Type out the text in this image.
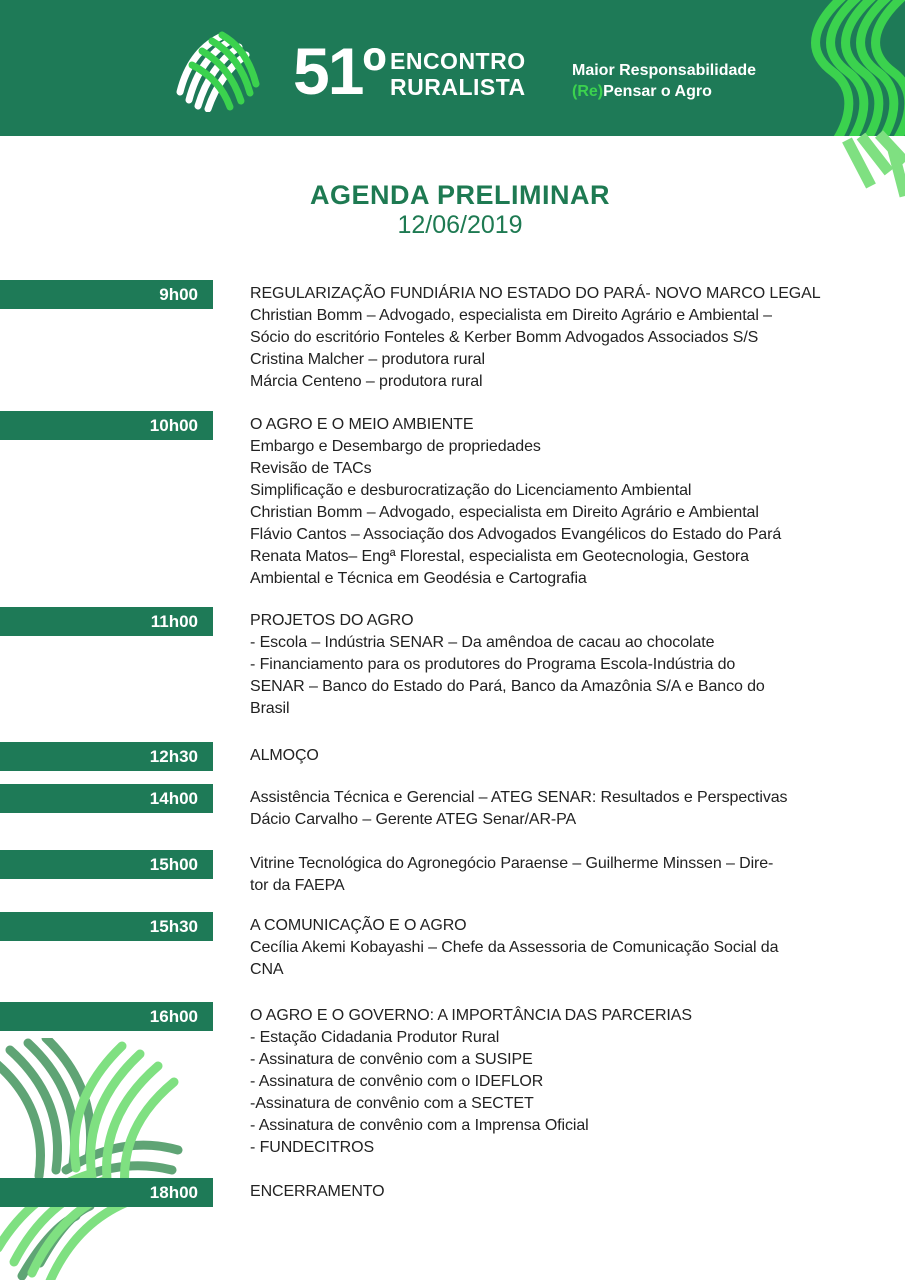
51º ENCONTRO
RURALISTA
Maior Responsabilidade
(Re)Pensar o Agro
AGENDA PRELIMINAR
12/06/2019
9h00	REGULARIZAÇÃO FUNDIÁRIA NO ESTADO DO PARÁ- NOVO MARCO LEGAL
Christian Bomm – Advogado, especialista em Direito Agrário e Ambiental –
Sócio do escritório Fonteles & Kerber Bomm Advogados Associados S/S
Cristina Malcher – produtora rural
Márcia Centeno – produtora rural
10h00	O AGRO E O MEIO AMBIENTE
Embargo e Desembargo de propriedades
Revisão de TACs
Simplificação e desburocratização do Licenciamento Ambiental
Christian Bomm – Advogado, especialista em Direito Agrário e Ambiental
Flávio Cantos – Associação dos Advogados Evangélicos do Estado do Pará
Renata Matos– Engª Florestal, especialista em Geotecnologia, Gestora
Ambiental e Técnica em Geodésia e Cartografia
11h00	PROJETOS DO AGRO
- Escola – Indústria SENAR – Da amêndoa de cacau ao chocolate
- Financiamento para os produtores do Programa Escola-Indústria do
SENAR – Banco do Estado do Pará, Banco da Amazônia S/A e Banco do
Brasil
12h30	ALMOÇO
14h00	Assistência Técnica e Gerencial – ATEG SENAR: Resultados e Perspectivas
Dácio Carvalho – Gerente ATEG Senar/AR-PA
15h00	Vitrine Tecnológica do Agronegócio Paraense – Guilherme Minssen – Dire-
tor da FAEPA
15h30	A COMUNICAÇÃO E O AGRO
Cecília Akemi Kobayashi – Chefe da Assessoria de Comunicação Social da
CNA
16h00	O AGRO E O GOVERNO: A IMPORTÂNCIA DAS PARCERIAS
- Estação Cidadania Produtor Rural
- Assinatura de convênio com a SUSIPE
- Assinatura de convênio com o IDEFLOR
-Assinatura de convênio com a SECTET
- Assinatura de convênio com a Imprensa Oficial
- FUNDECITROS
18h00	ENCERRAMENTO
